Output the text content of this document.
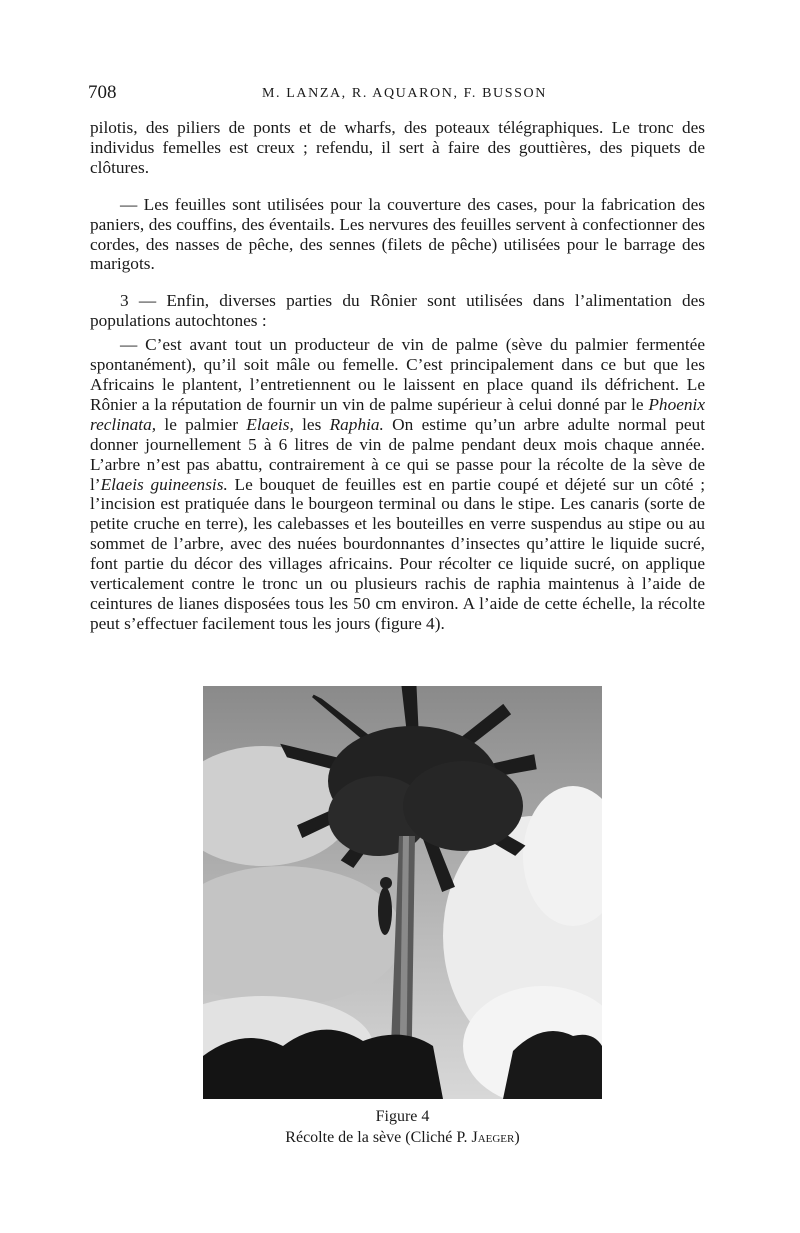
708	M. LANZA, R. AQUARON, F. BUSSON

pilotis, des piliers de ponts et de wharfs, des poteaux télégraphiques. Le tronc des individus femelles est creux ; refendu, il sert à faire des gouttières, des piquets de clôtures.

— Les feuilles sont utilisées pour la couverture des cases, pour la fabrication des paniers, des couffins, des éventails. Les nervures des feuilles servent à confectionner des cordes, des nasses de pêche, des sennes (filets de pêche) utilisées pour le barrage des marigots.

3 — Enfin, diverses parties du Rônier sont utilisées dans l’alimentation des populations autochtones :

— C’est avant tout un producteur de vin de palme (sève du palmier fermentée spontanément), qu’il soit mâle ou femelle. C’est principalement dans ce but que les Africains le plantent, l’entretiennent ou le laissent en place quand ils défrichent. Le Rônier a la réputation de fournir un vin de palme supérieur à celui donné par le Phoenix reclinata, le palmier Elaeis, les Raphia. On estime qu’un arbre adulte normal peut donner journellement 5 à 6 litres de vin de palme pendant deux mois chaque année. L’arbre n’est pas abattu, contrairement à ce qui se passe pour la récolte de la sève de l’Elaeis guineensis. Le bouquet de feuilles est en partie coupé et déjeté sur un côté ; l’incision est pratiquée dans le bourgeon terminal ou dans le stipe. Les canaris (sorte de petite cruche en terre), les calebasses et les bouteilles en verre suspendus au stipe ou au sommet de l’arbre, avec des nuées bourdonnantes d’insectes qu’attire le liquide sucré, font partie du décor des villages africains. Pour récolter ce liquide sucré, on applique verticalement contre le tronc un ou plusieurs rachis de raphia maintenus à l’aide de ceintures de lianes disposées tous les 50 cm environ. A l’aide de cette échelle, la récolte peut s’effectuer facilement tous les jours (figure 4).

Figure 4
Récolte de la sève (Cliché P. Jaeger)
